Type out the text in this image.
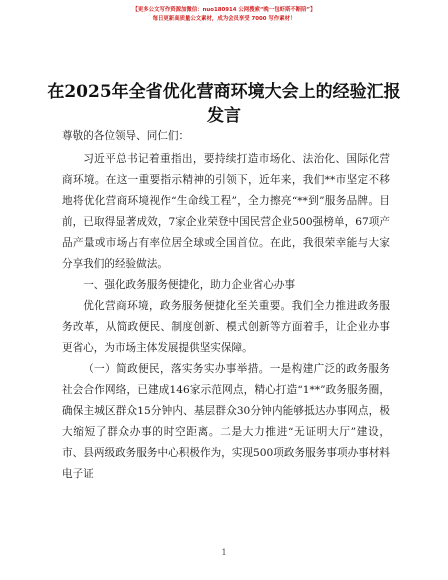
【更多公文写作资源加微信：nuo180914 公网搜索“晚一包虾斯不断陪”】
每日更新高质量公文素材，成为会员享受 7000 写作素材！
在2025年全省优化营商环境大会上的经验汇报
发言

尊敬的各位领导、同仁们：

习近平总书记着重指出，要持续打造市场化、法治化、国际化营商环境。在这一重要指示精神的引领下，近年来，我们**市坚定不移地将优化营商环境视作“生命线工程”，全力擦亮“**到”服务品牌。目前，已取得显著成效，7家企业荣登中国民营企业500强榜单，67项产品产量或市场占有率位居全球或全国首位。在此，我很荣幸能与大家分享我们的经验做法。

一、强化政务服务便捷化，助力企业省心办事

优化营商环境，政务服务便捷化至关重要。我们全力推进政务服务改革，从简政便民、制度创新、模式创新等方面着手，让企业办事更省心，为市场主体发展提供坚实保障。

（一）简政便民，落实务实办事举措。一是构建广泛的政务服务社会合作网络，已建成146家示范网点，精心打造“1**”政务服务圈，确保主城区群众15分钟内、基层群众30分钟内能够抵达办事网点，极大缩短了群众办事的时空距离。二是大力推进“无证明大厅”建设，市、县两级政务服务中心积极作为，实现500项政务服务事项办事材料电子证

1
